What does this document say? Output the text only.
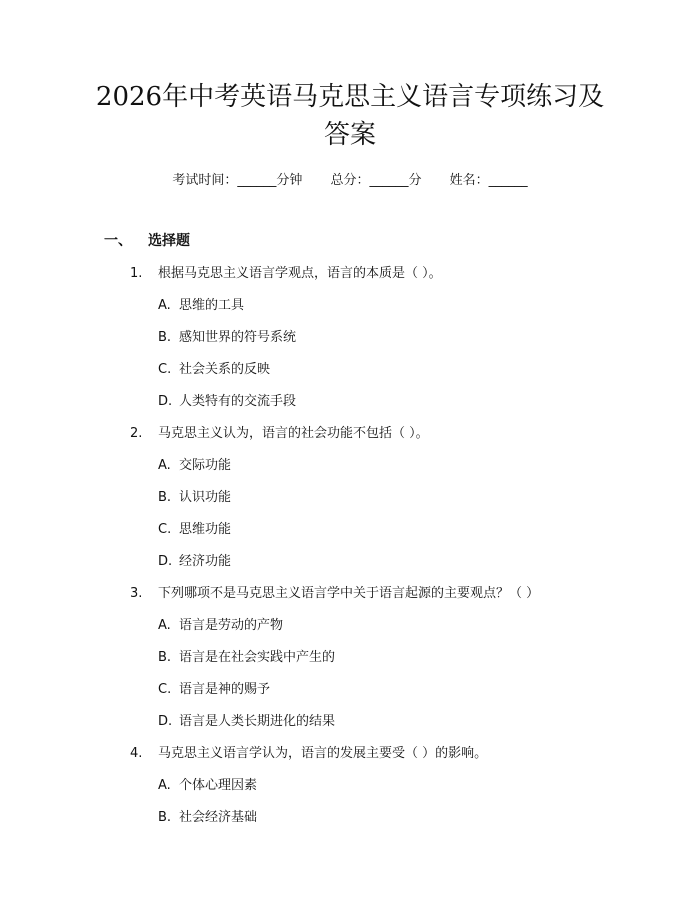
2026年中考英语马克思主义语言专项练习及
答案
考试时间：______分钟 总分：______分 姓名：______
一、 选择题
1. 根据马克思主义语言学观点，语言的本质是（ ）。
A. 思维的工具
B. 感知世界的符号系统
C. 社会关系的反映
D. 人类特有的交流手段
2. 马克思主义认为，语言的社会功能不包括（ ）。
A. 交际功能
B. 认识功能
C. 思维功能
D. 经济功能
3. 下列哪项不是马克思主义语言学中关于语言起源的主要观点？（ ）
A. 语言是劳动的产物
B. 语言是在社会实践中产生的
C. 语言是神的赐予
D. 语言是人类长期进化的结果
4. 马克思主义语言学认为，语言的发展主要受（ ）的影响。
A. 个体心理因素
B. 社会经济基础
